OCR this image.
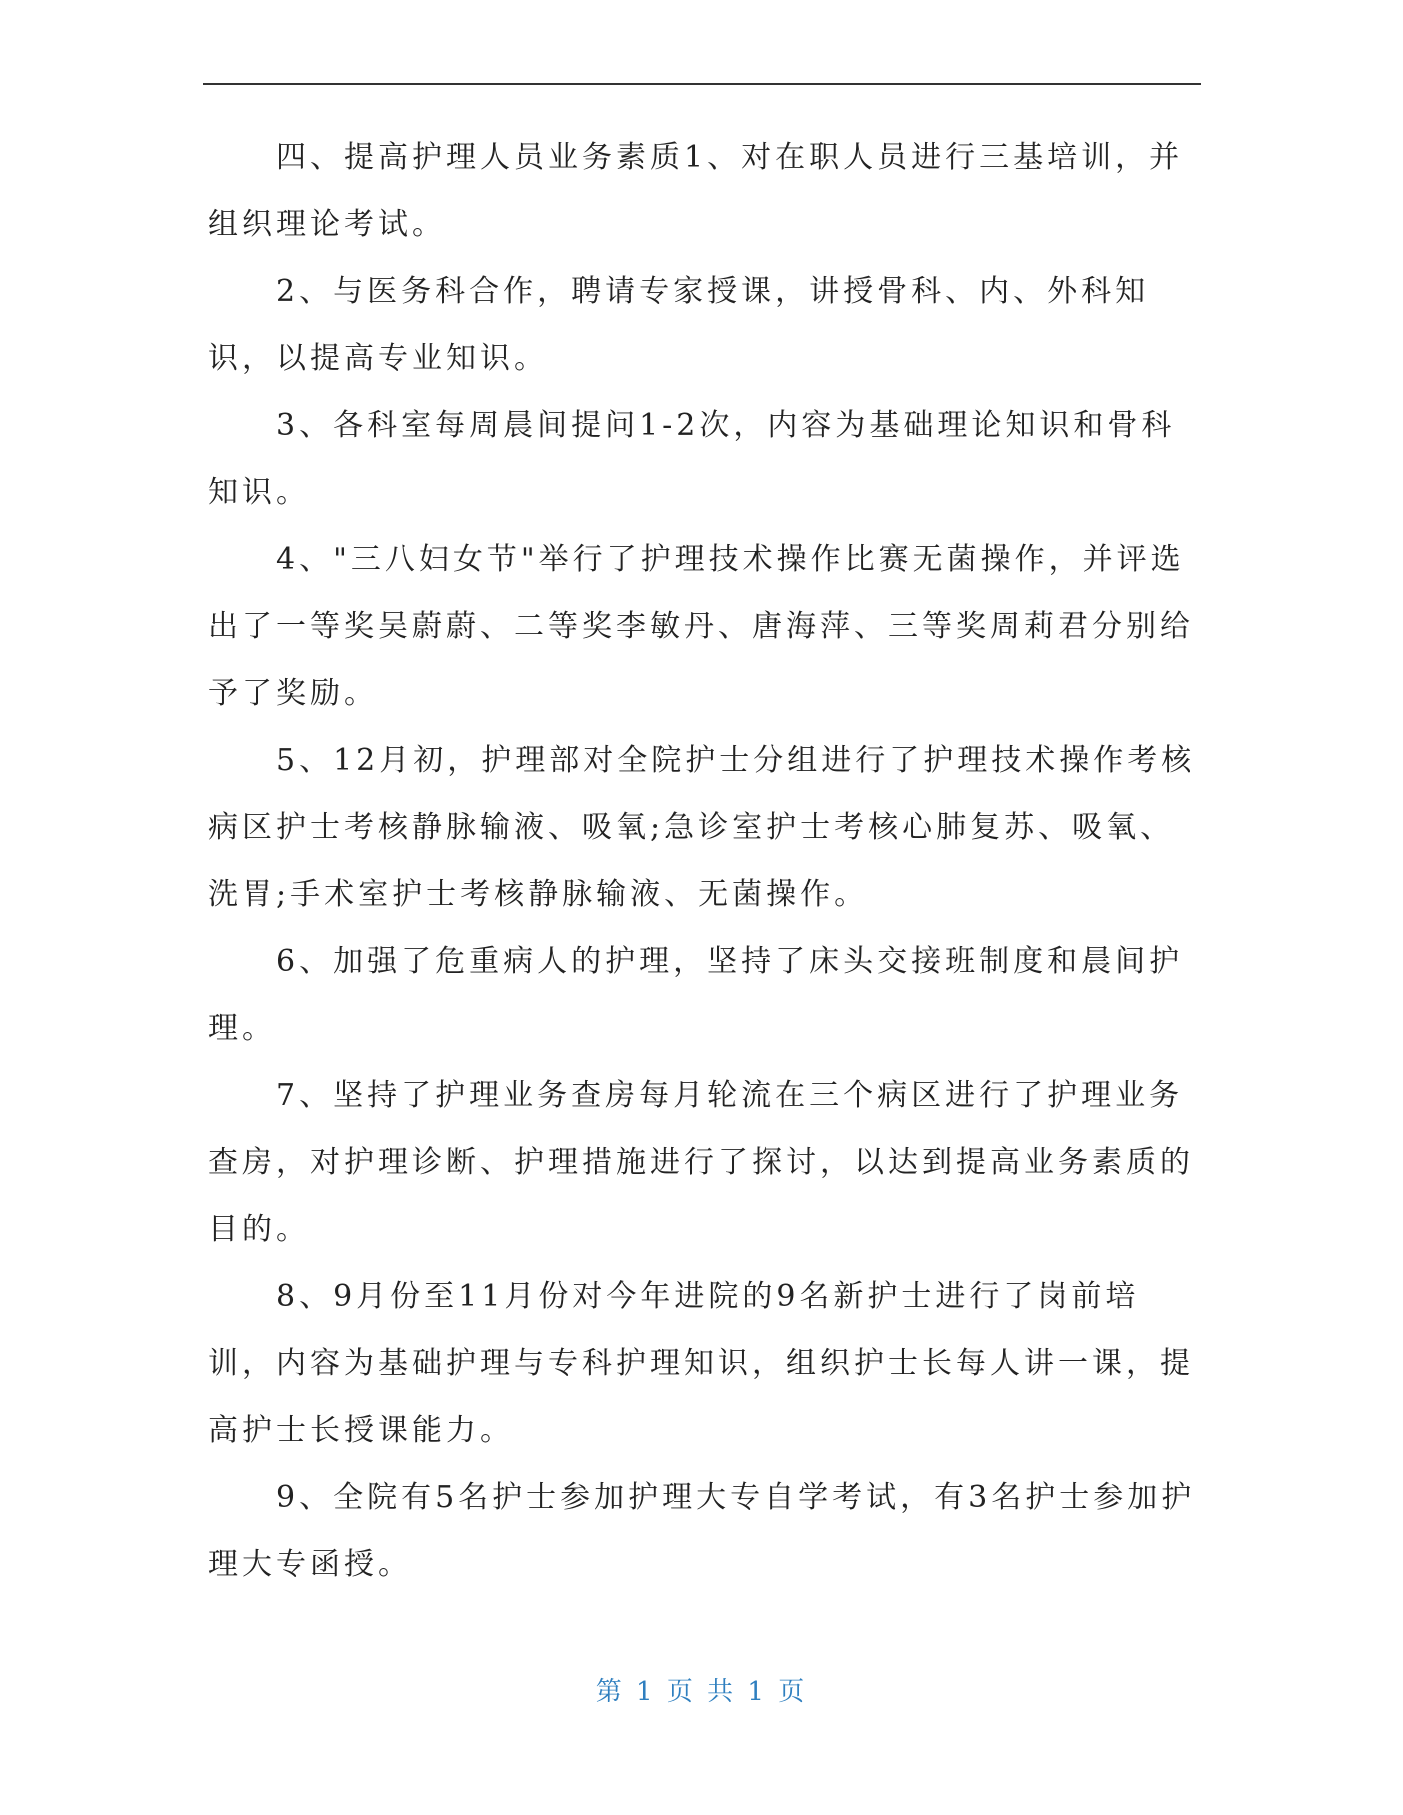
四、提高护理人员业务素质1、对在职人员进行三基培训，并组织理论考试。

2、与医务科合作，聘请专家授课，讲授骨科、内、外科知识，以提高专业知识。

3、各科室每周晨间提问1-2次，内容为基础理论知识和骨科知识。

4、"三八妇女节"举行了护理技术操作比赛无菌操作，并评选出了一等奖吴蔚蔚、二等奖李敏丹、唐海萍、三等奖周莉君分别给予了奖励。

5、12月初，护理部对全院护士分组进行了护理技术操作考核病区护士考核静脉输液、吸氧;急诊室护士考核心肺复苏、吸氧、洗胃;手术室护士考核静脉输液、无菌操作。

6、加强了危重病人的护理，坚持了床头交接班制度和晨间护理。

7、坚持了护理业务查房每月轮流在三个病区进行了护理业务查房，对护理诊断、护理措施进行了探讨，以达到提高业务素质的目的。

8、9月份至11月份对今年进院的9名新护士进行了岗前培训，内容为基础护理与专科护理知识，组织护士长每人讲一课，提高护士长授课能力。

9、全院有5名护士参加护理大专自学考试，有3名护士参加护理大专函授。

第 1 页 共 1 页
